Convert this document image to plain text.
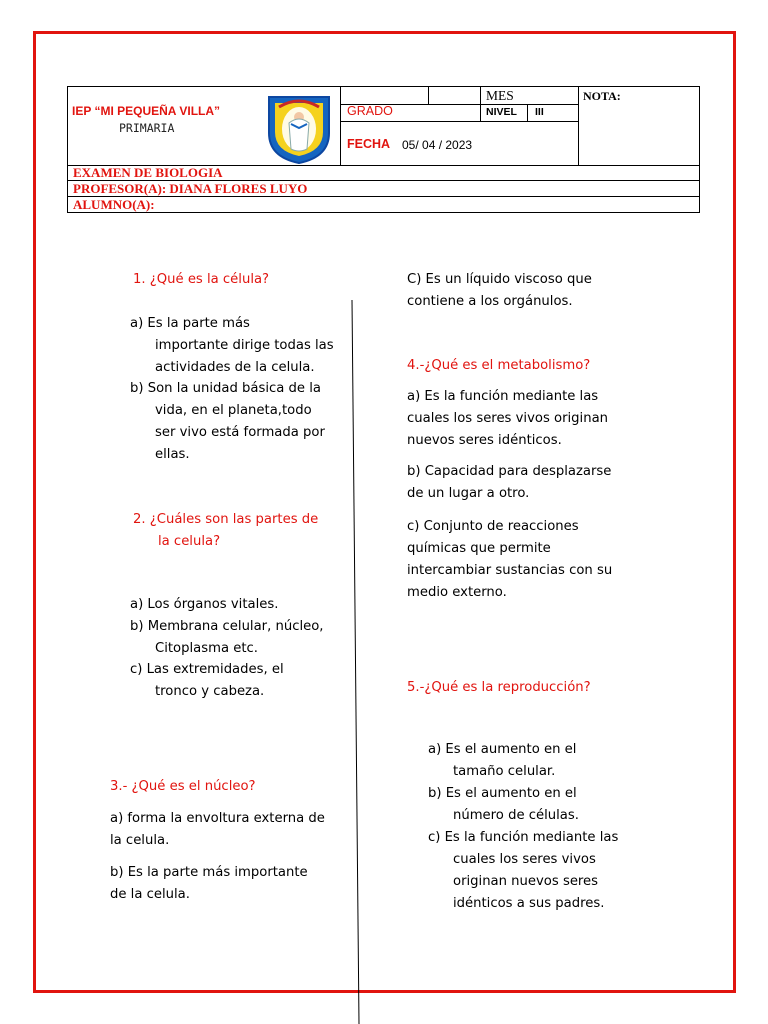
IEP “MI PEQUEÑA VILLA”
PRIMARIA
GRADO
MES
NIVEL III
NOTA:
FECHA 05/ 04 / 2023
EXAMEN DE BIOLOGIA
PROFESOR(A): DIANA FLORES LUYO
ALUMNO(A):
1. ¿Qué es la célula?
a) Es la parte más
importante dirige todas las
actividades de la celula.
b) Son la unidad básica de la
vida, en el planeta,todo
ser vivo está formada por
ellas.
2. ¿Cuáles son las partes de
la celula?
a) Los órganos vitales.
b) Membrana celular, núcleo,
Citoplasma etc.
c) Las extremidades, el
tronco y cabeza.
3.- ¿Qué es el núcleo?
a) forma la envoltura externa de
la celula.
b) Es la parte más importante
de la celula.
C) Es un líquido viscoso que
contiene a los orgánulos.
4.-¿Qué es el metabolismo?
a) Es la función mediante las
cuales los seres vivos originan
nuevos seres idénticos.
b) Capacidad para desplazarse
de un lugar a otro.
c) Conjunto de reacciones
químicas que permite
intercambiar sustancias con su
medio externo.
5.-¿Qué es la reproducción?
a) Es el aumento en el
tamaño celular.
b) Es el aumento en el
número de células.
c) Es la función mediante las
cuales los seres vivos
originan nuevos seres
idénticos a sus padres.
